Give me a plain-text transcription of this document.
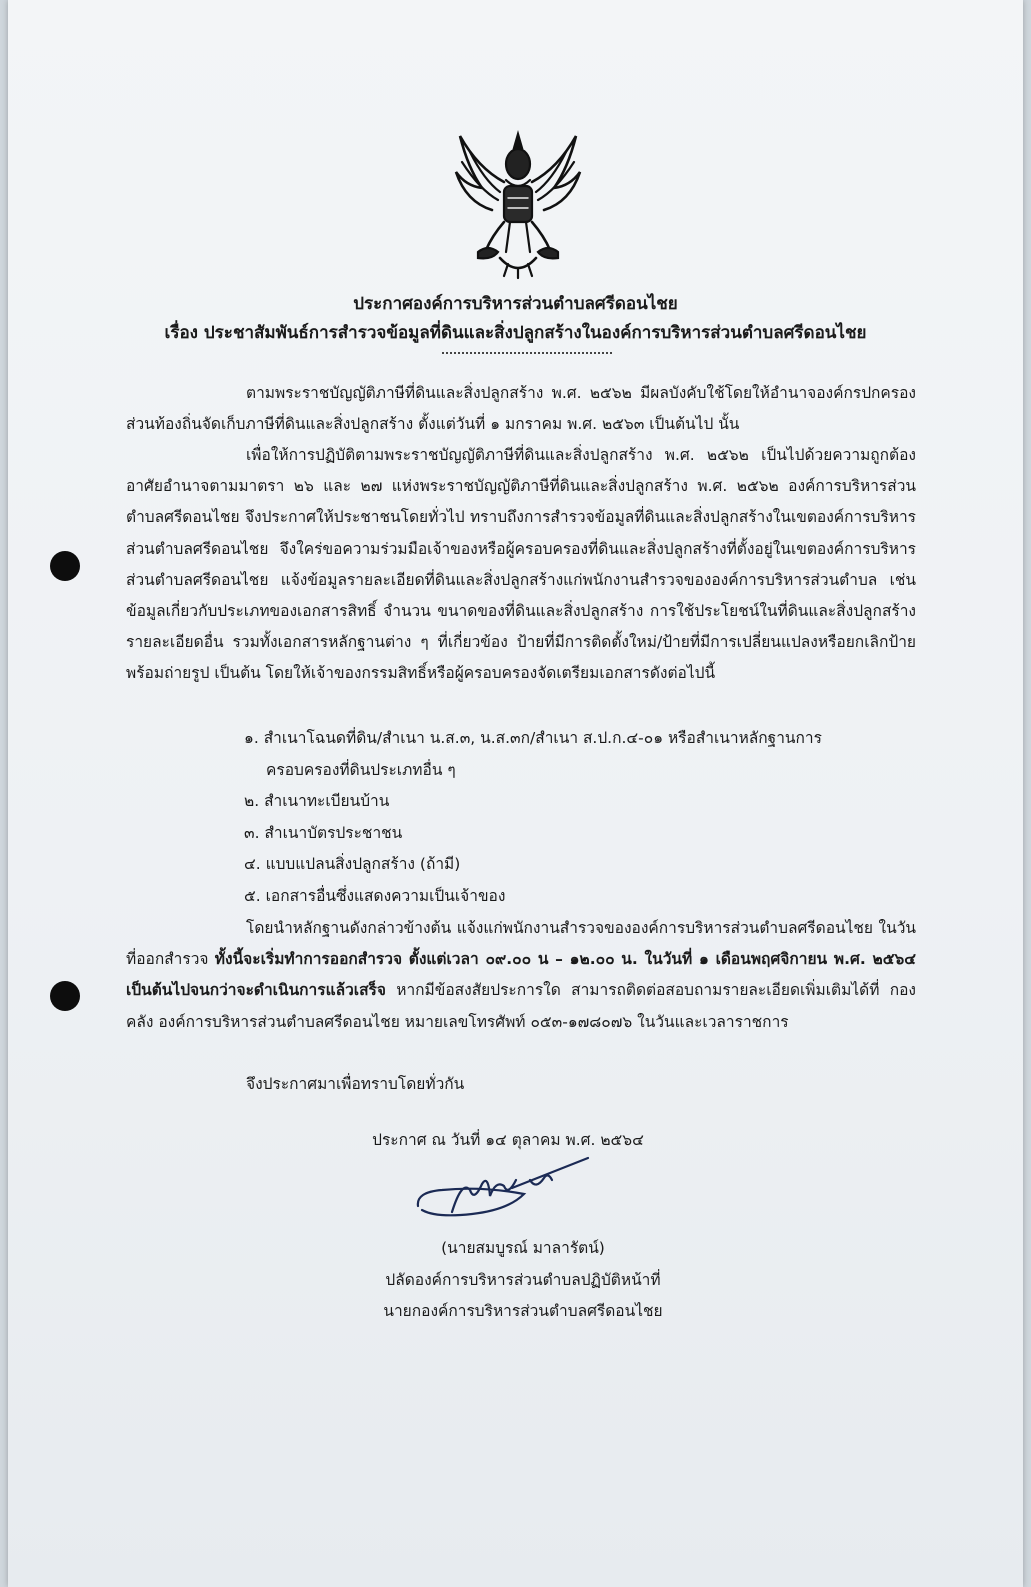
ประกาศองค์การบริหารส่วนตำบลศรีดอนไชย
เรื่อง ประชาสัมพันธ์การสำรวจข้อมูลที่ดินและสิ่งปลูกสร้างในองค์การบริหารส่วนตำบลศรีดอนไชย

ตามพระราชบัญญัติภาษีที่ดินและสิ่งปลูกสร้าง พ.ศ. ๒๕๖๒ มีผลบังคับใช้โดยให้อำนาจองค์กรปกครองส่วนท้องถิ่นจัดเก็บภาษีที่ดินและสิ่งปลูกสร้าง ตั้งแต่วันที่ ๑ มกราคม พ.ศ. ๒๕๖๓ เป็นต้นไป นั้น

เพื่อให้การปฏิบัติตามพระราชบัญญัติภาษีที่ดินและสิ่งปลูกสร้าง พ.ศ. ๒๕๖๒ เป็นไปด้วยความถูกต้อง อาศัยอำนาจตามมาตรา ๒๖ และ ๒๗ แห่งพระราชบัญญัติภาษีที่ดินและสิ่งปลูกสร้าง พ.ศ. ๒๕๖๒ องค์การบริหารส่วนตำบลศรีดอนไชย จึงประกาศให้ประชาชนโดยทั่วไป ทราบถึงการสำรวจข้อมูลที่ดินและสิ่งปลูกสร้างในเขตองค์การบริหารส่วนตำบลศรีดอนไชย จึงใคร่ขอความร่วมมือเจ้าของหรือผู้ครอบครองที่ดินและสิ่งปลูกสร้างที่ตั้งอยู่ในเขตองค์การบริหารส่วนตำบลศรีดอนไชย แจ้งข้อมูลรายละเอียดที่ดินและสิ่งปลูกสร้างแก่พนักงานสำรวจขององค์การบริหารส่วนตำบล เช่น ข้อมูลเกี่ยวกับประเภทของเอกสารสิทธิ์ จำนวน ขนาดของที่ดินและสิ่งปลูกสร้าง การใช้ประโยชน์ในที่ดินและสิ่งปลูกสร้าง รายละเอียดอื่น รวมทั้งเอกสารหลักฐานต่าง ๆ ที่เกี่ยวข้อง ป้ายที่มีการติดตั้งใหม่/ป้ายที่มีการเปลี่ยนแปลงหรือยกเลิกป้ายพร้อมถ่ายรูป เป็นต้น โดยให้เจ้าของกรรมสิทธิ์หรือผู้ครอบครองจัดเตรียมเอกสารดังต่อไปนี้

๑. สำเนาโฉนดที่ดิน/สำเนา น.ส.๓, น.ส.๓ก/สำเนา ส.ป.ก.๔-๐๑ หรือสำเนาหลักฐานการ
ครอบครองที่ดินประเภทอื่น ๆ
๒. สำเนาทะเบียนบ้าน
๓. สำเนาบัตรประชาชน
๔. แบบแปลนสิ่งปลูกสร้าง (ถ้ามี)
๕. เอกสารอื่นซึ่งแสดงความเป็นเจ้าของ

โดยนำหลักฐานดังกล่าวข้างต้น แจ้งแก่พนักงานสำรวจขององค์การบริหารส่วนตำบลศรีดอนไชย ในวันที่ออกสำรวจ ทั้งนี้จะเริ่มทำการออกสำรวจ ตั้งแต่เวลา ๐๙.๐๐ น – ๑๒.๐๐ น. ในวันที่ ๑ เดือนพฤศจิกายน พ.ศ. ๒๕๖๔ เป็นต้นไปจนกว่าจะดำเนินการแล้วเสร็จ หากมีข้อสงสัยประการใด สามารถติดต่อสอบถามรายละเอียดเพิ่มเติมได้ที่ กองคลัง องค์การบริหารส่วนตำบลศรีดอนไชย หมายเลขโทรศัพท์ ๐๕๓-๑๗๘๐๗๖ ในวันและเวลาราชการ

จึงประกาศมาเพื่อทราบโดยทั่วกัน
ประกาศ ณ วันที่ ๑๔ ตุลาคม พ.ศ. ๒๕๖๔
(นายสมบูรณ์ มาลารัตน์)
ปลัดองค์การบริหารส่วนตำบลปฏิบัติหน้าที่
นายกองค์การบริหารส่วนตำบลศรีดอนไชย
